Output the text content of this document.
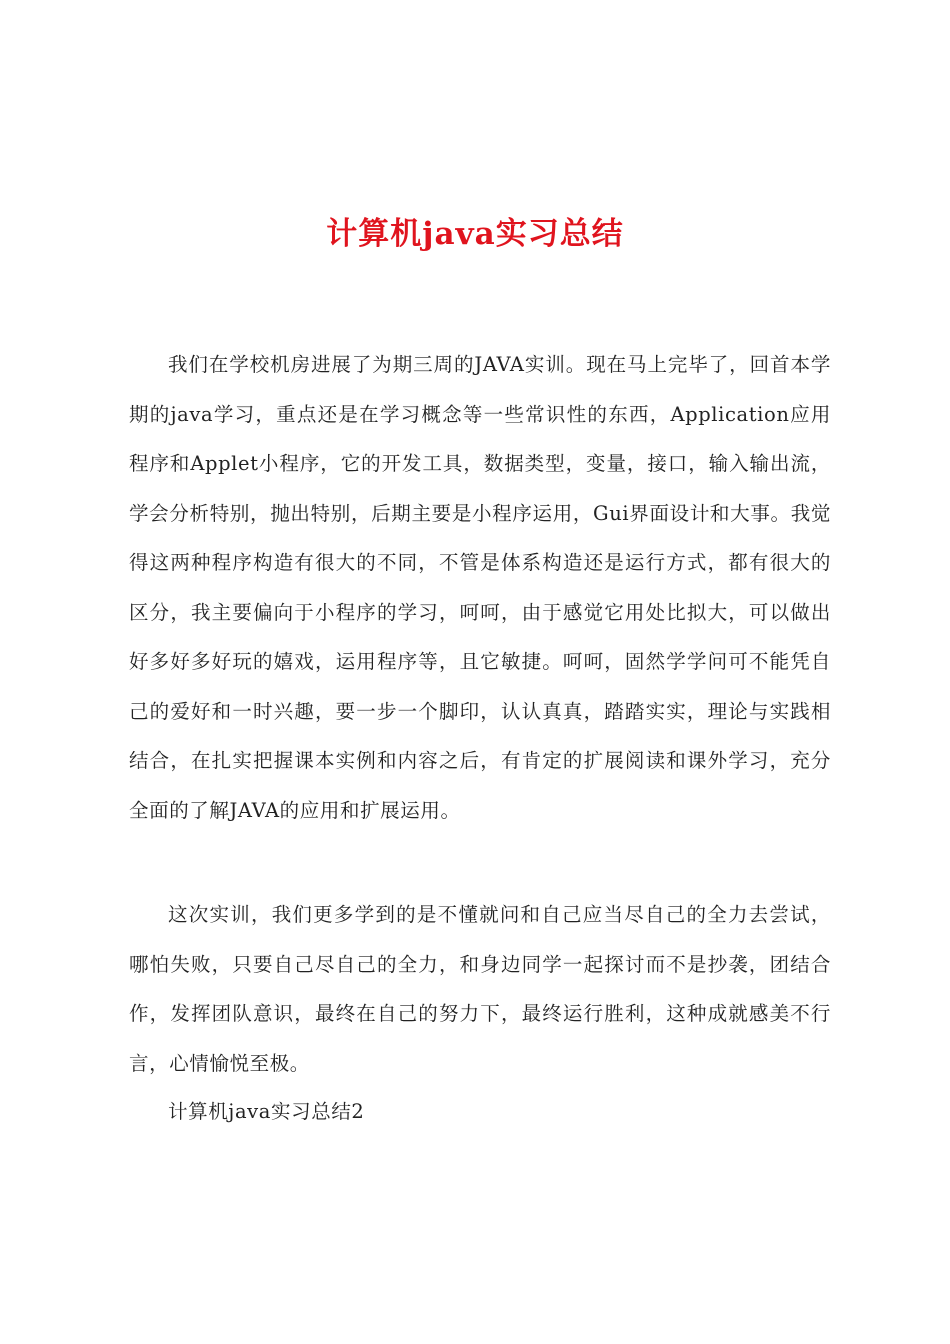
计算机java实习总结

我们在学校机房进展了为期三周的JAVA实训。现在马上完毕了，回首本学期的java学习，重点还是在学习概念等一些常识性的东西，Application应用程序和Applet小程序，它的开发工具，数据类型，变量，接口，输入输出流，学会分析特别，抛出特别，后期主要是小程序运用，Gui界面设计和大事。我觉得这两种程序构造有很大的不同，不管是体系构造还是运行方式，都有很大的区分，我主要偏向于小程序的学习，呵呵，由于感觉它用处比拟大，可以做出好多好多好玩的嬉戏，运用程序等，且它敏捷。呵呵，固然学学问可不能凭自己的爱好和一时兴趣，要一步一个脚印，认认真真，踏踏实实，理论与实践相结合，在扎实把握课本实例和内容之后，有肯定的扩展阅读和课外学习，充分全面的了解JAVA的应用和扩展运用。

这次实训，我们更多学到的是不懂就问和自己应当尽自己的全力去尝试，哪怕失败，只要自己尽自己的全力，和身边同学一起探讨而不是抄袭，团结合作，发挥团队意识，最终在自己的努力下，最终运行胜利，这种成就感美不行言，心情愉悦至极。

计算机java实习总结2
